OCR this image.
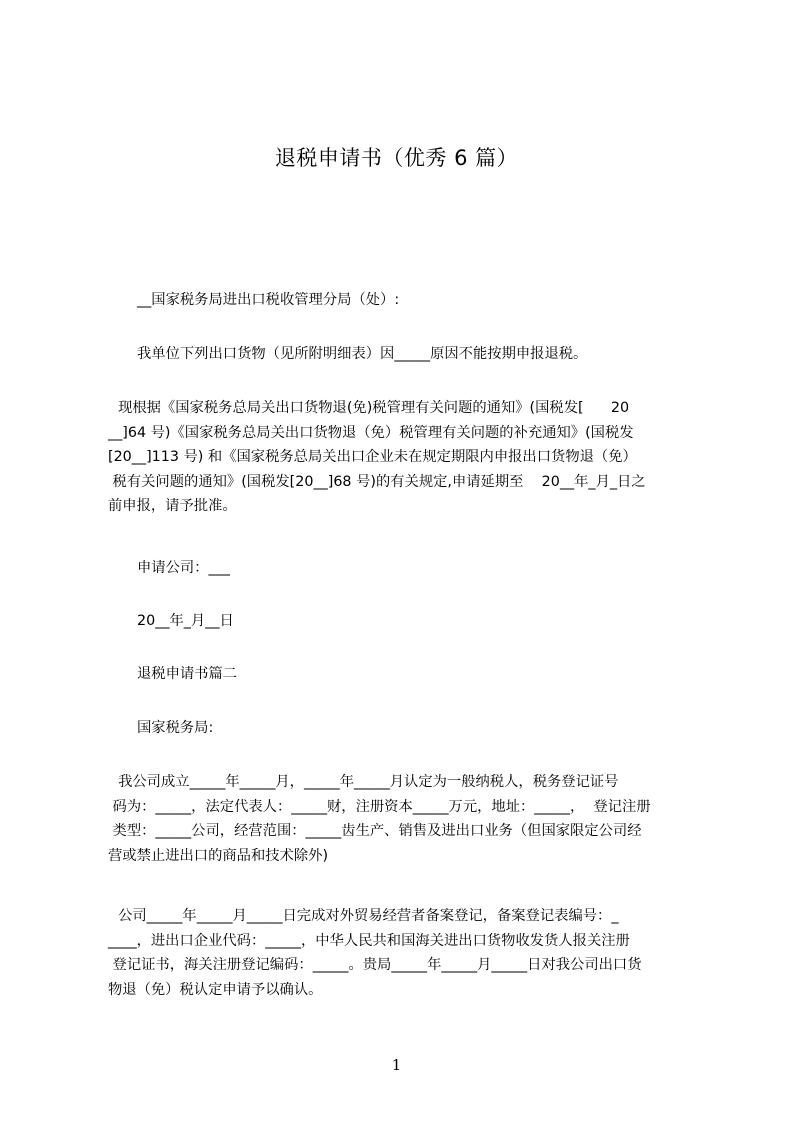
退税申请书（优秀 6 篇）
__国家税务局进出口税收管理分局（处）:
我单位下列出口货物（见所附明细表）因_____原因不能按期申报退税。
现根据《国家税务总局关出口货物退(免)税管理有关问题的通知》(国税发[      20
__]64 号)《国家税务总局关出口货物退（免）税管理有关问题的补充通知》(国税发
[20__]113 号) 和《国家税务总局关出口企业未在规定期限内申报出口货物退（免）
税有关问题的通知》(国税发[20__]68 号)的有关规定,申请延期至    20__年_月_日之
前申报，请予批准。
申请公司：___
20__年_月__日
退税申请书篇二
国家税务局:
我公司成立_____年_____月，_____年_____月认定为一般纳税人，税务登记证号
码为：_____，法定代表人：_____财，注册资本_____万元，地址：_____，  登记注册
类型：_____公司，经营范围：_____齿生产、销售及进出口业务（但国家限定公司经
营或禁止进出口的商品和技术除外)
公司_____年_____月_____日完成对外贸易经营者备案登记，备案登记表编号：_
____，进出口企业代码：_____，中华人民共和国海关进出口货物收发货人报关注册
登记证书，海关注册登记编码：_____。贵局_____年_____月_____日对我公司出口货
物退（免）税认定申请予以确认。
1
